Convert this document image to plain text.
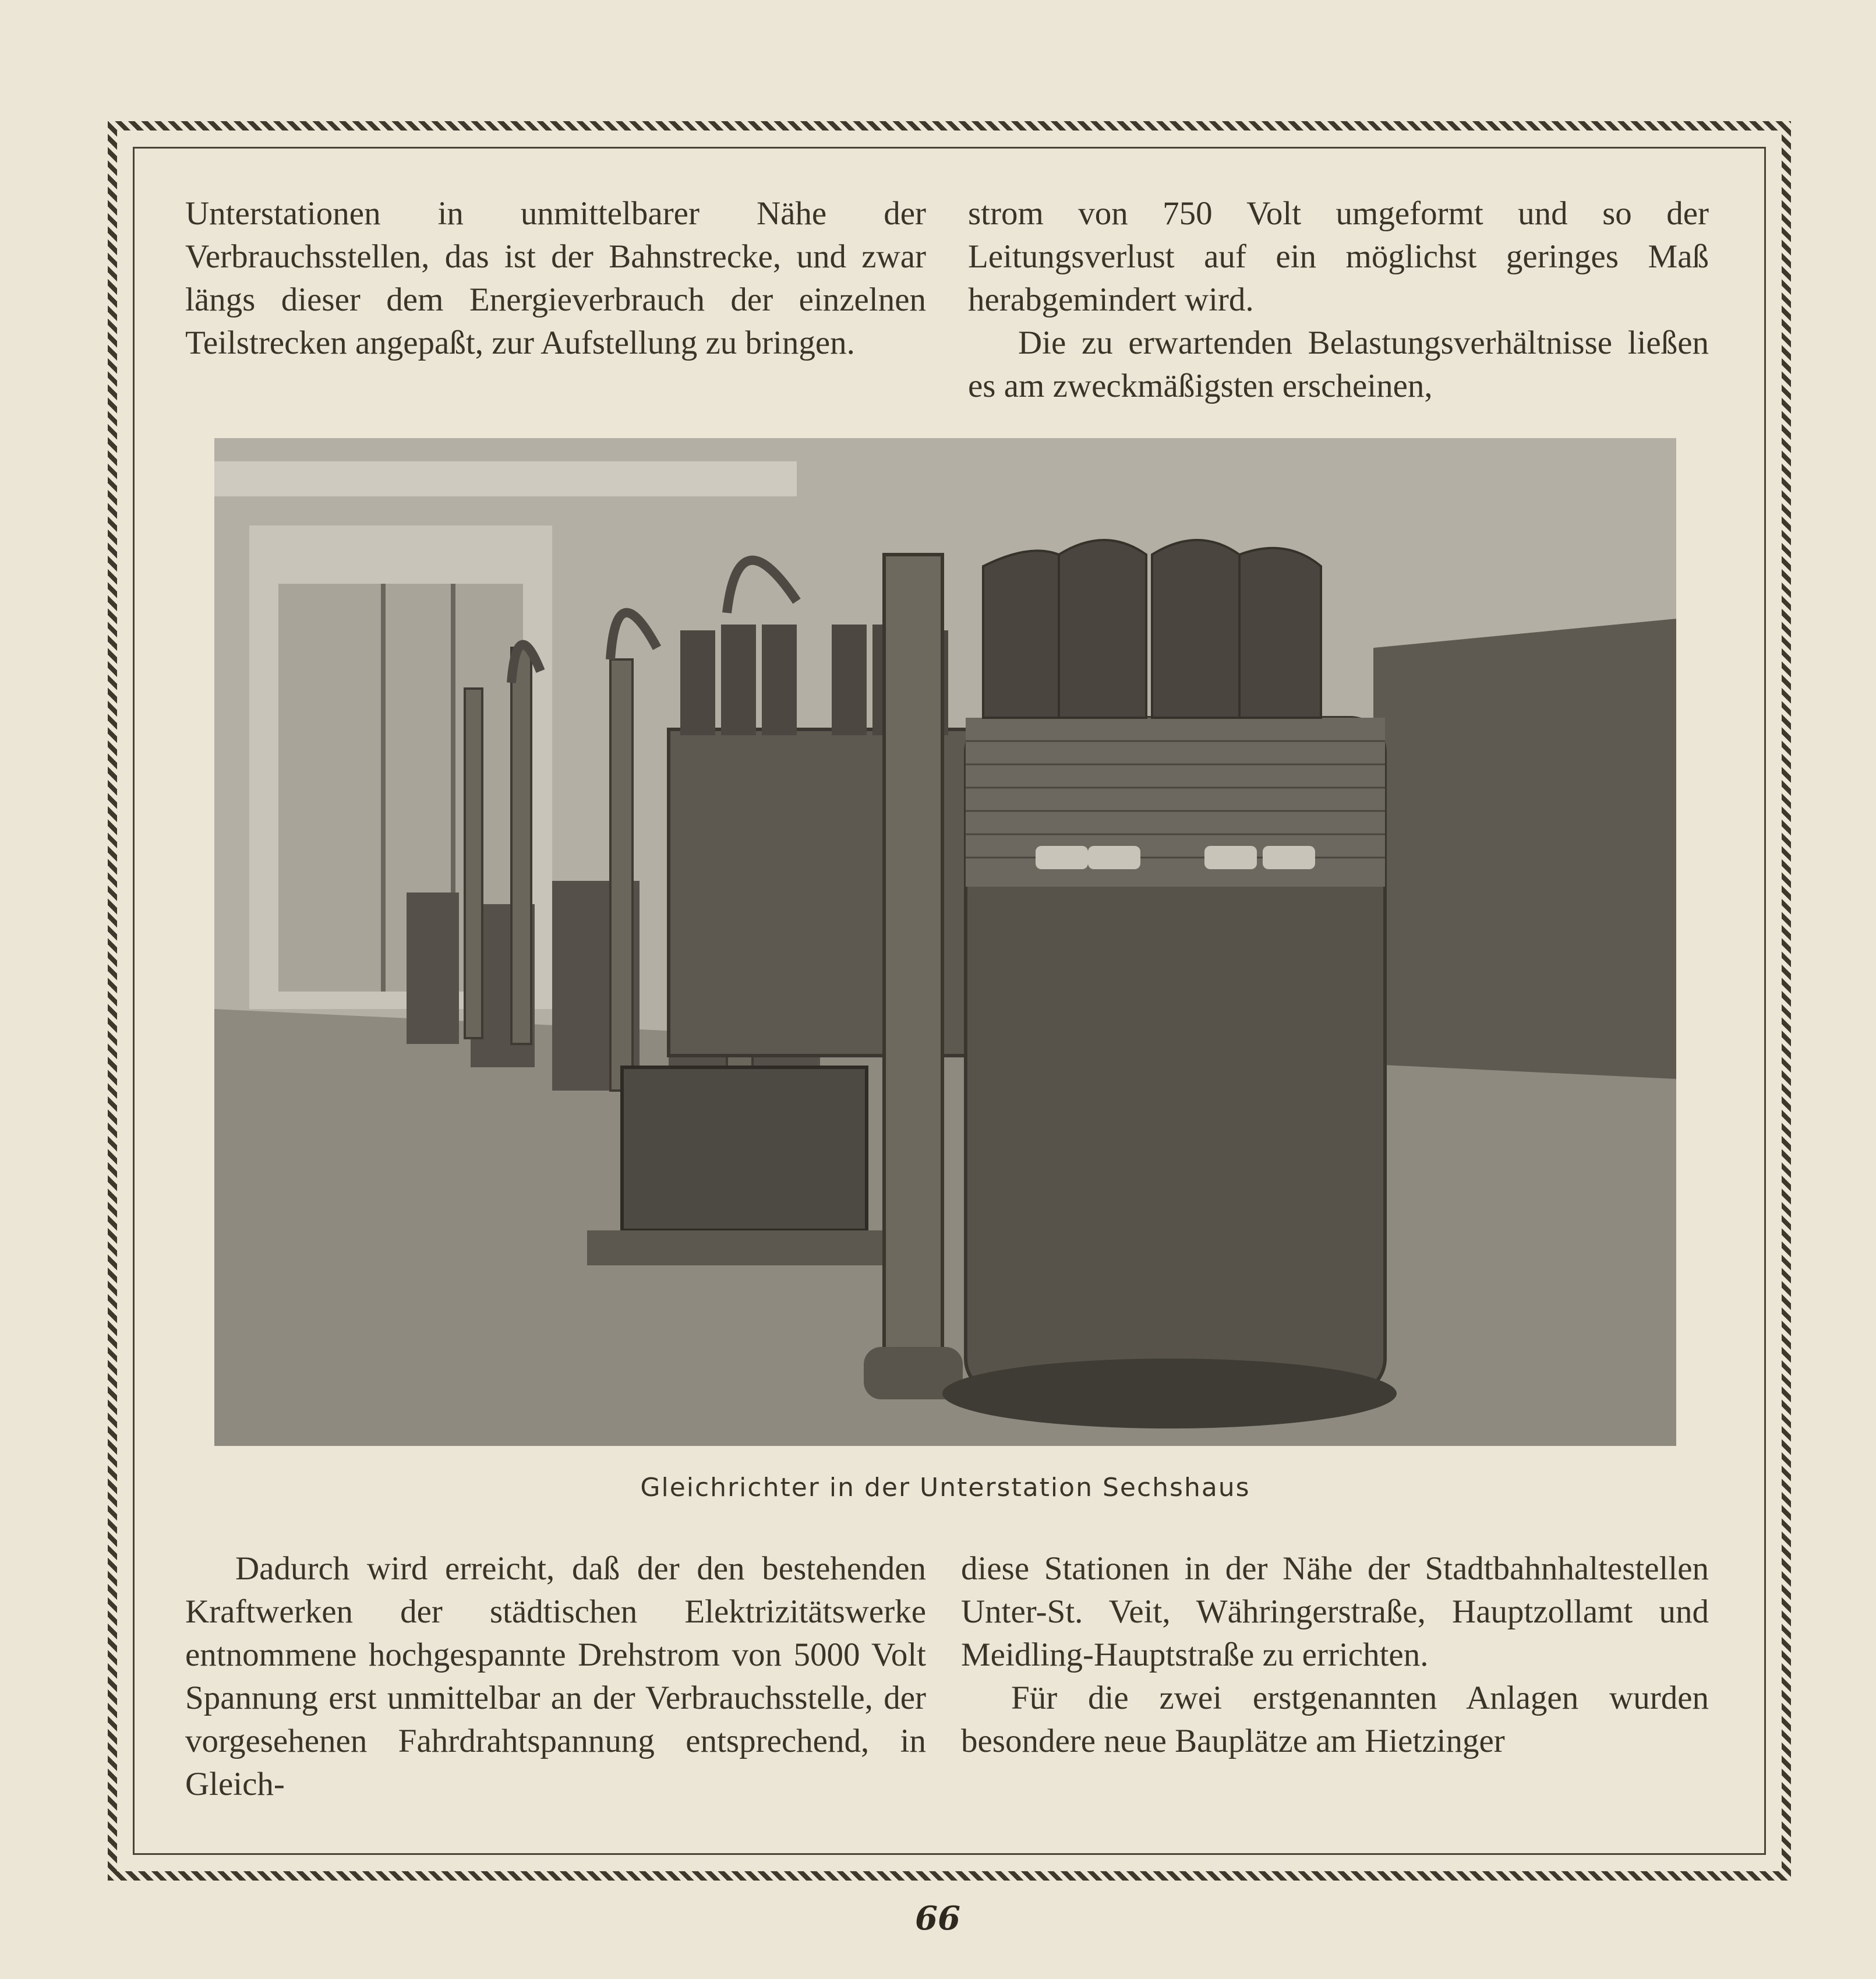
Unterstationen in unmittelbarer Nähe der Verbrauchsstellen, das ist der Bahnstrecke, und zwar längs dieser dem Energieverbrauch der einzelnen Teilstrecken angepaßt, zur Aufstellung zu bringen.

strom von 750 Volt umgeformt und so der Leitungsverlust auf ein möglichst geringes Maß herabgemindert wird.

Die zu erwartenden Belastungsverhältnisse ließen es am zweckmäßigsten erscheinen,

Gleichrichter in der Unterstation Sechshaus

Dadurch wird erreicht, daß der den bestehenden Kraftwerken der städtischen Elektrizitätswerke entnommene hochgespannte Drehstrom von 5000 Volt Spannung erst unmittelbar an der Verbrauchsstelle, der vorgesehenen Fahrdrahtspannung entsprechend, in Gleich-

diese Stationen in der Nähe der Stadtbahnhaltestellen Unter-St. Veit, Währingerstraße, Hauptzollamt und Meidling-Hauptstraße zu errichten.

Für die zwei erstgenannten Anlagen wurden besondere neue Bauplätze am Hietzinger

66
